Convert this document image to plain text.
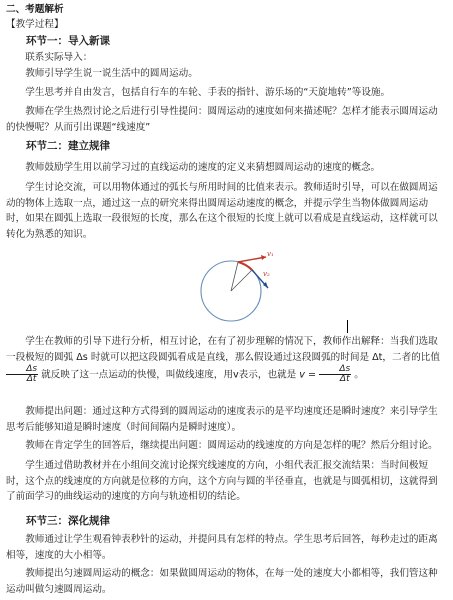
二、考题解析

【教学过程】

环节一：导入新课

联系实际导入：

教师引导学生说一说生活中的圆周运动。

学生思考并自由发言，包括自行车的车轮、手表的指针、游乐场的“天旋地转”等设施。

教师在学生热烈讨论之后进行引导性提问：圆周运动的速度如何来描述呢？怎样才能表示圆周运动的快慢呢？从而引出课题“线速度”

环节二：建立规律

教师鼓励学生用以前学习过的直线运动的速度的定义来猜想圆周运动的速度的概念。

学生讨论交流，可以用物体通过的弧长与所用时间的比值来表示。教师适时引导，可以在做圆周运动的物体上选取一点，通过这一点的研究来得出圆周运动速度的概念，并提示学生当物体做圆周运动时，如果在圆弧上选取一段很短的长度，那么在这个很短的长度上就可以看成是直线运动，这样就可以转化为熟悉的知识。

v₁
v₂

学生在教师的引导下进行分析，相互讨论，在有了初步理解的情况下，教师作出解释：当我们选取一段极短的圆弧 Δs 时就可以把这段圆弧看成是直线，那么假设通过这段圆弧的时间是 Δt，二者的比值
$\frac{\Delta s}{\Delta t}$ 就反映了这一点运动的快慢，叫做线速度，用v表示，也就是 $v = \frac{\Delta s}{\Delta t}$ 。

教师提出问题：通过这种方式得到的圆周运动的速度表示的是平均速度还是瞬时速度？来引导学生思考后能够知道是瞬时速度（时间间隔内是瞬时速度）。

教师在肯定学生的回答后，继续提出问题：圆周运动的线速度的方向是怎样的呢？然后分组讨论。

学生通过借助教材并在小组间交流讨论探究线速度的方向，小组代表汇报交流结果：当时间极短时，这个点的线速度的方向就是位移的方向，这个方向与圆的半径垂直，也就是与圆弧相切，这就得到了前面学习的曲线运动的速度的方向与轨迹相切的结论。

环节三：深化规律

教师通过让学生观看钟表秒针的运动，并提问具有怎样的特点。学生思考后回答，每秒走过的距离相等，速度的大小相等。

教师提出匀速圆周运动的概念：如果做圆周运动的物体，在每一处的速度大小都相等，我们管这种运动叫做匀速圆周运动。
